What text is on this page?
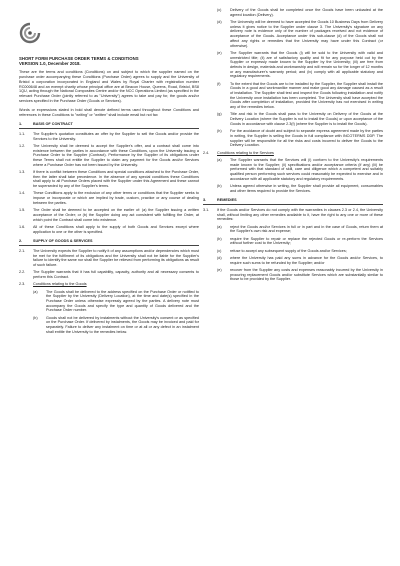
SHORT FORM PURCHASE ORDER TERMS & CONDITIONS
VERSION 1.0, December 2018.

These are the terms and conditions (Conditions) on and subject to which the supplier named on the purchase order accompanying these Conditions (Purchase Order) agrees to supply and the University of Bristol a corporation incorporated in England and Wales by Royal Charter with registration number RC000648 and an exempt charity whose principal office are at Beacon House, Queens, Road, Bristol, BS8 1QU, acting through the National Composites Centre and/or the NCC Operations Limited (as specified in the relevant Purchase Order (jointly referred to as "University") agrees to take and pay for, the goods and/or services specified in the Purchase Order (Goods or Services).

Words or expressions stated in bold shall denote defined terms used throughout these Conditions and references in these Conditions to "writing" or "written" shall include email but not fax

1.	BASIS OF CONTRACT
1.1.	The Supplier's quotation constitutes an offer by the Supplier to sell the Goods and/or provide the Services to the University.
1.2.	The University shall be deemed to accept the Supplier's offer, and a contract shall come into existence between the parties in accordance with these Conditions, upon the University issuing a Purchase Order to the Supplier (Contract). Performance by the Supplier of its obligations under these Terms shall not entitle the Supplier to claim any payment for the Goods and/or Services where a Purchase Order has not been issued by the University.
1.3.	If there is conflict between these Conditions and special conditions attached to the Purchase Order, then the latter shall take precedence. In the absence of any special conditions these Conditions shall apply to all Purchase Orders placed with the Supplier under this Agreement and these cannot be superseded by any of the Supplier's terms.
1.4.	These Conditions apply to the exclusion of any other terms or conditions that the Supplier seeks to impose or incorporate or which are implied by trade, custom, practice or any course of dealing between the parties.
1.5.	The Order shall be deemed to be accepted on the earlier of: (a) the Supplier issuing a written acceptance of the Order; or (b) the Supplier doing any act consistent with fulfilling the Order, at which point the Contract shall come into existence.
1.6.	All of these Conditions shall apply to the supply of both Goods and Services except where application to one or the other is specified.
2.	SUPPLY OF GOODS & SERVICES
2.1.	The University expects the Supplier to notify it of any assumptions and/or dependencies which must be met for the fulfilment of its obligations and the University shall not be liable for the Supplier's failure to identify the same nor shall the Supplier be relieved from performing its obligations as result of such failure.
2.2.	The Supplier warrants that it has full capability, capacity, authority and all necessary consents to perform this Contract.
2.3.	Conditions relating to the Goods
(a)	The Goods shall be delivered to the address specified on the Purchase Order or notified to the Supplier by the University (Delivery Location), at the time and date(s) specified in the Purchase Order unless otherwise expressly agreed by the parties. A delivery note must accompany the Goods and specify the type and quantity of Goods delivered and the Purchase Order number.
(b)	Goods shall not be delivered by instalments without the University's consent or as specified on the Purchase Order. If delivered by instalments, the Goods may be invoiced and paid for separately. Failure to deliver any instalment on time or at all or any defect in an instalment shall entitle the University to the remedies below.
(c)	Delivery of the Goods shall be completed once the Goods have been unloaded at the agreed location (Delivery).
(d)	The University will be deemed to have accepted the Goods 10 Business Days from Delivery unless it gives notice to the Supplier under clause 3. The University's signature on any delivery note is evidence only of the number of packages received and not evidence of acceptance of the Goods. Acceptance under this sub-clause (d) of the Goods shall not affect any rights or remedies that the University may have under this Contract (or otherwise).
(e)	The Supplier warrants that the Goods (i) will be sold to the University with valid and unrestricted title; (ii) are of satisfactory quality and fit for any purpose held out by the Supplier or expressly made known to the Supplier by the University; (iii) are free from defects in design, materials and workmanship and will remain so for the longer of 12 months or any manufacturer's warranty period; and (iv) comply with all applicable statutory and regulatory requirements.
(f)	To the extent that the Goods are to be installed by the Supplier, the Supplier shall install the Goods in a good and workmanlike manner and make good any damage caused as a result of installation. The Supplier shall test and inspect the Goods following installation and notify the University once installation has been completed. The University shall have accepted the Goods after completion of installation, provided the University has not exercised in writing any of the remedies below.
(g)	Title and risk in the Goods shall pass to the University on Delivery of the Goods at the Delivery Location (where the Supplier is not to install the Goods) or upon acceptance of the Goods in accordance with clause 2.3(f) (where the Supplier is to install the Goods).
(h)	For the avoidance of doubt and subject to separate express agreement made by the parties in writing, the Supplier is selling the Goods in full compliance with INCOTERMS DDP. The supplier will be responsible for all the risks and costs incurred to deliver the Goods to the Delivery Location.
2.4.	Conditions relating to the Services
(a)	The Supplier warrants that the Services will (i) conform to the University's requirements made known to the Supplier; (ii) specifications and/or acceptance criteria (if any) (iii) be performed with that standard of skill, care and diligence which a competent and suitably qualified person performing such services could reasonably be expected to exercise and in accordance with all applicable statutory and regulatory requirements.
(b)	Unless agreed otherwise in writing, the Supplier shall provide all equipment, consumables and other items required to provide the Services.
3.	REMEDIES
3.1.	If the Goods and/or Services do not comply with the warranties in clauses 2.3 or 2.4, the University shall, without limiting any other remedies available to it, have the right to any one or more of these remedies:
(a)	reject the Goods and/or Services in full or in part and in the case of Goods, return them at the Supplier's own risk and expense;
(b)	require the Supplier to repair or replace the rejected Goods or re-perform the Services without further cost to the University;
(c)	refuse to accept any subsequent supply of the Goods and/or Services;
(d)	where the University has paid any sums in advance for the Goods and/or Services, to require such sums to be refunded by the Supplier; and/or
(e)	recover from the Supplier any costs and expenses reasonably incurred by the University in procuring replacement Goods and/or substitute Services which are substantially similar to those to be provided by the Supplier.
